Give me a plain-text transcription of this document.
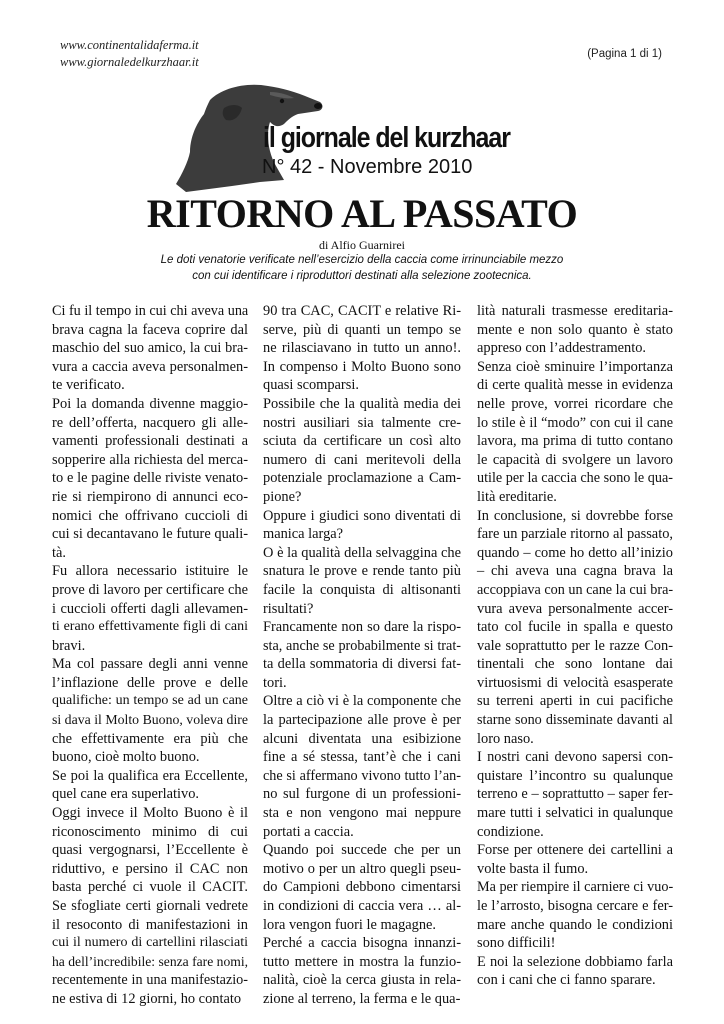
www.continentalidaferma.it
www.giornaledelkurzhaar.it
(Pagina 1 di 1)
il giornale del kurzhaar
N° 42 - Novembre 2010
RITORNO AL PASSATO
di Alfio Guarnirei
Le doti venatorie verificate nell’esercizio della caccia come irrinunciabile mezzo
con cui identificare i riproduttori destinati alla selezione zootecnica.
Ci fu il tempo in cui chi aveva una
brava cagna la faceva coprire dal
maschio del suo amico, la cui bra-
vura a caccia aveva personalmen-
te verificato.
Poi la domanda divenne maggio-
re dell’offerta, nacquero gli alle-
vamenti professionali destinati a
sopperire alla richiesta del merca-
to e le pagine delle riviste venato-
rie si riempirono di annunci eco-
nomici che offrivano cuccioli di
cui si decantavano le future quali-
tà.
Fu allora necessario istituire le
prove di lavoro per certificare che
i cuccioli offerti dagli allevamen-
ti erano effettivamente figli di cani
bravi.
Ma col passare degli anni venne
l’inflazione delle prove e delle
qualifiche: un tempo se ad un cane
si dava il Molto Buono, voleva dire
che effettivamente era più che
buono, cioè molto buono.
Se poi la qualifica era Eccellente,
quel cane era superlativo.
Oggi invece il Molto Buono è il
riconoscimento minimo di cui
quasi vergognarsi, l’Eccellente è
riduttivo, e persino il CAC non
basta perché ci vuole il CACIT.
Se sfogliate certi giornali vedrete
il resoconto di manifestazioni in
cui il numero di cartellini rilasciati
ha dell’incredibile: senza fare nomi,
recentemente in una manifestazio-
ne estiva di 12 giorni, ho contato
90 tra CAC, CACIT e relative Ri-
serve, più di quanti un tempo se
ne rilasciavano in tutto un anno!.
In compenso i Molto Buono sono
quasi scomparsi.
Possibile che la qualità media dei
nostri ausiliari sia talmente cre-
sciuta da certificare un così alto
numero di cani meritevoli della
potenziale proclamazione a Cam-
pione?
Oppure i giudici sono diventati di
manica larga?
O è la qualità della selvaggina che
snatura le prove e rende tanto più
facile la conquista di altisonanti
risultati?
Francamente non so dare la rispo-
sta, anche se probabilmente si trat-
ta della sommatoria di diversi fat-
tori.
Oltre a ciò vi è la componente che
la partecipazione alle prove è per
alcuni diventata una esibizione
fine a sé stessa, tant’è che i cani
che si affermano vivono tutto l’an-
no sul furgone di un professioni-
sta e non vengono mai neppure
portati a caccia.
Quando poi succede che per un
motivo o per un altro quegli pseu-
do Campioni debbono cimentarsi
in condizioni di caccia vera … al-
lora vengon fuori le magagne.
Perché a caccia bisogna innanzi-
tutto mettere in mostra la funzio-
nalità, cioè la cerca giusta in rela-
zione al terreno, la ferma e le qua-
lità naturali trasmesse ereditaria-
mente e non solo quanto è stato
appreso con l’addestramento.
Senza cioè sminuire l’importanza
di certe qualità messe in evidenza
nelle prove, vorrei ricordare che
lo stile è il “modo” con cui il cane
lavora, ma prima di tutto contano
le capacità di svolgere un lavoro
utile per la caccia che sono le qua-
lità ereditarie.
In conclusione, si dovrebbe forse
fare un parziale ritorno al passato,
quando – come ho detto all’inizio
– chi aveva una cagna brava la
accoppiava con un cane la cui bra-
vura aveva personalmente accer-
tato col fucile in spalla e questo
vale soprattutto per le razze Con-
tinentali che sono lontane dai
virtuosismi di velocità esasperate
su terreni aperti in cui pacifiche
starne sono disseminate davanti al
loro naso.
I nostri cani devono sapersi con-
quistare l’incontro su qualunque
terreno e – soprattutto – saper fer-
mare tutti i selvatici in qualunque
condizione.
Forse per ottenere dei cartellini a
volte basta il fumo.
Ma per riempire il carniere ci vuo-
le l’arrosto, bisogna cercare e fer-
mare anche quando le condizioni
sono difficili!
E noi la selezione dobbiamo farla
con i cani che ci fanno sparare.
